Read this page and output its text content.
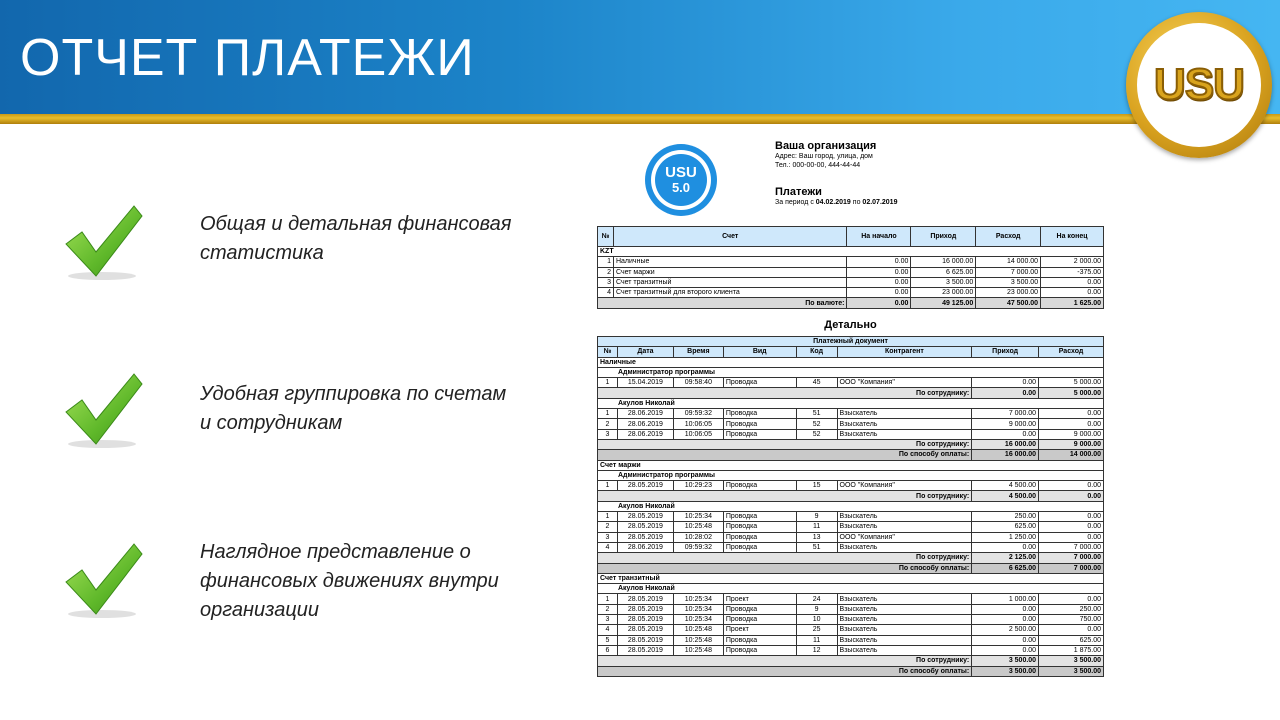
ОТЧЕТ ПЛАТЕЖИ	USU
Общая и детальная финансовая статистика
Удобная группировка по счетам и сотрудникам
Наглядное представление о финансовых движениях внутри организации
USU
5.0
Ваша организация
Адрес: Ваш город, улица, дом
Тел.: 000-00-00, 444-44-44
Платежи
За период с 04.02.2019 по 02.07.2019
№	Счет	На начало	Приход	Расход	На конец
KZT					
1	Наличные	0.00	16 000.00	14 000.00	2 000.00
2	Счет маржи	0.00	6 625.00	7 000.00	-375.00
3	Счет транзитный	0.00	3 500.00	3 500.00	0.00
4	Счет транзитный для второго клиента	0.00	23 000.00	23 000.00	0.00
По валюте:		0.00	49 125.00	47 500.00	1 625.00
Детально
Платежный документ							
№	Дата	Время	Вид	Код	Контрагент	Приход	Расход
Наличные							
Администратор программы							
1	15.04.2019	09:58:40	Проводка	45	ООО "Компания"	0.00	5 000.00
По сотруднику:						0.00	5 000.00
Акулов Николай							
1	28.06.2019	09:59:32	Проводка	51	Взыскатель	7 000.00	0.00
2	28.06.2019	10:06:05	Проводка	52	Взыскатель	9 000.00	0.00
3	28.06.2019	10:06:05	Проводка	52	Взыскатель	0.00	9 000.00
По сотруднику:						16 000.00	9 000.00
По способу оплаты:						16 000.00	14 000.00
Счет маржи							
Администратор программы							
1	28.05.2019	10:29:23	Проводка	15	ООО "Компания"	4 500.00	0.00
По сотруднику:						4 500.00	0.00
Акулов Николай							
1	28.05.2019	10:25:34	Проводка	9	Взыскатель	250.00	0.00
2	28.05.2019	10:25:48	Проводка	11	Взыскатель	625.00	0.00
3	28.05.2019	10:28:02	Проводка	13	ООО "Компания"	1 250.00	0.00
4	28.06.2019	09:59:32	Проводка	51	Взыскатель	0.00	7 000.00
По сотруднику:						2 125.00	7 000.00
По способу оплаты:						6 625.00	7 000.00
Счет транзитный							
Акулов Николай							
1	28.05.2019	10:25:34	Проект	24	Взыскатель	1 000.00	0.00
2	28.05.2019	10:25:34	Проводка	9	Взыскатель	0.00	250.00
3	28.05.2019	10:25:34	Проводка	10	Взыскатель	0.00	750.00
4	28.05.2019	10:25:48	Проект	25	Взыскатель	2 500.00	0.00
5	28.05.2019	10:25:48	Проводка	11	Взыскатель	0.00	625.00
6	28.05.2019	10:25:48	Проводка	12	Взыскатель	0.00	1 875.00
По сотруднику:						3 500.00	3 500.00
По способу оплаты:						3 500.00	3 500.00
